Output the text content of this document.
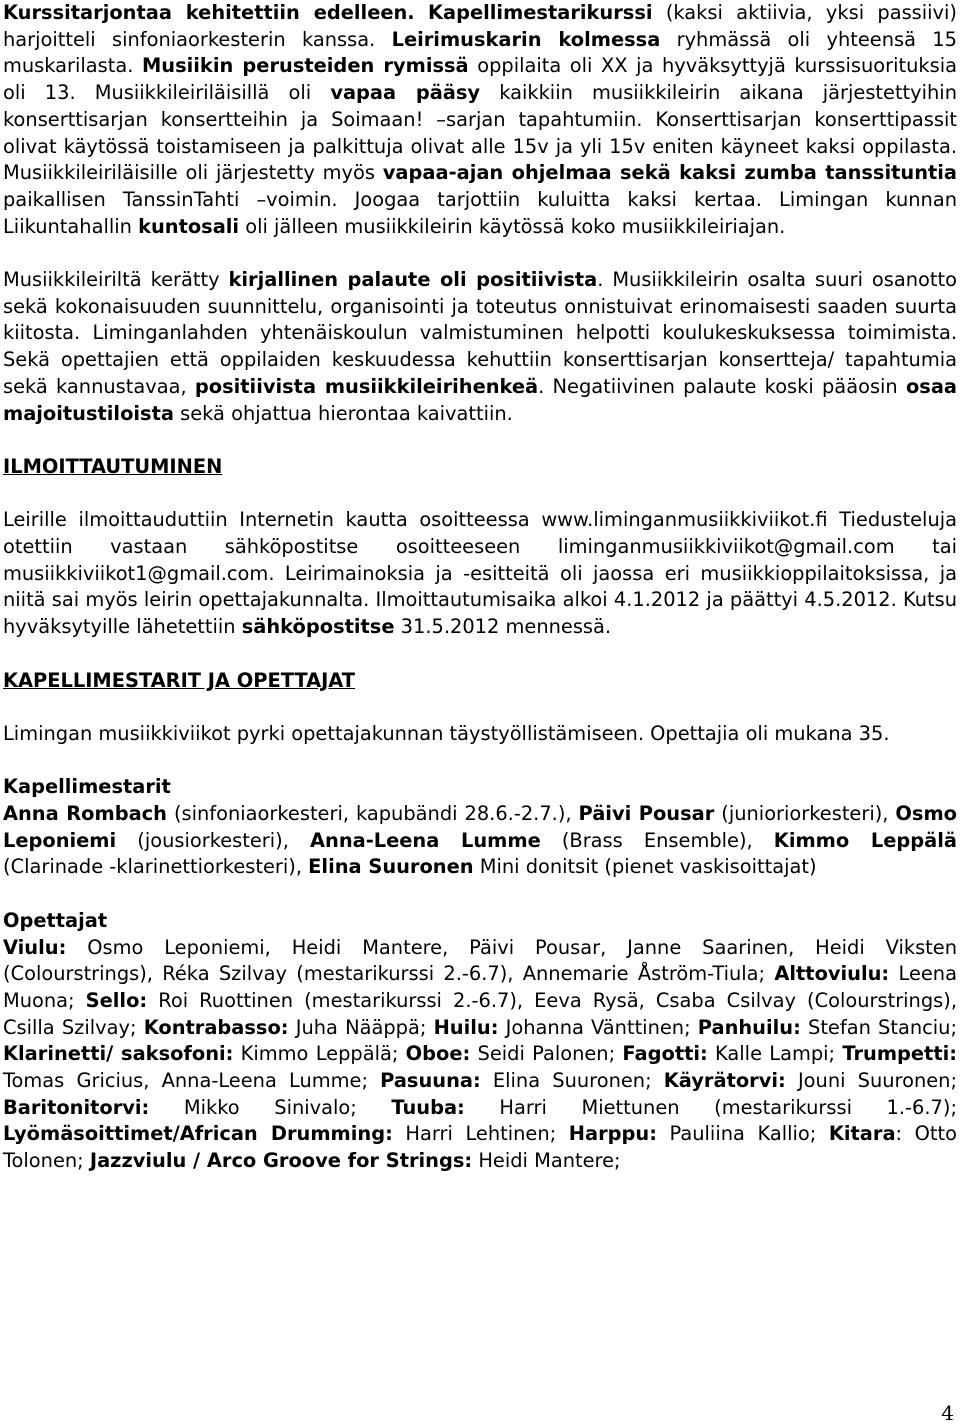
Kurssitarjontaa kehitettiin edelleen. Kapellimestarikurssi (kaksi aktiivia, yksi passiivi) harjoitteli sinfoniaorkesterin kanssa. Leirimuskarin kolmessa ryhmässä oli yhteensä 15 muskarilasta. Musiikin perusteiden rymissä oppilaita oli XX ja hyväksyttyjä kurssisuorituksia oli 13. Musiikkileiriläisillä oli vapaa pääsy kaikkiin musiikkileirin aikana järjestettyihin konserttisarjan konsertteihin ja Soimaan! –sarjan tapahtumiin. Konserttisarjan konserttipassit olivat käytössä toistamiseen ja palkittuja olivat alle 15v ja yli 15v eniten käyneet kaksi oppilasta. Musiikkileiriläisille oli järjestetty myös vapaa-ajan ohjelmaa sekä kaksi zumba tanssituntia paikallisen TanssinTahti –voimin. Joogaa tarjottiin kuluitta kaksi kertaa. Limingan kunnan Liikuntahallin kuntosali oli jälleen musiikkileirin käytössä koko musiikkileiriajan.

Musiikkileiriltä kerätty kirjallinen palaute oli positiivista. Musiikkileirin osalta suuri osanotto sekä kokonaisuuden suunnittelu, organisointi ja toteutus onnistuivat erinomaisesti saaden suurta kiitosta. Liminganlahden yhtenäiskoulun valmistuminen helpotti koulukeskuksessa toimimista. Sekä opettajien että oppilaiden keskuudessa kehuttiin konserttisarjan konsertteja/ tapahtumia sekä kannustavaa, positiivista musiikkileirihenkeä. Negatiivinen palaute koski pääosin osaa majoitustiloista sekä ohjattua hierontaa kaivattiin.

ILMOITTAUTUMINEN

Leirille ilmoittauduttiin Internetin kautta osoitteessa www.liminganmusiikkiviikot.fi Tiedusteluja otettiin vastaan sähköpostitse osoitteeseen liminganmusiikkiviikot@gmail.com tai musiikkiviikot1@gmail.com. Leirimainoksia ja -esitteitä oli jaossa eri musiikkioppilaitoksissa, ja niitä sai myös leirin opettajakunnalta. Ilmoittautumisaika alkoi 4.1.2012 ja päättyi 4.5.2012. Kutsu hyväksytyille lähetettiin sähköpostitse 31.5.2012 mennessä.

KAPELLIMESTARIT JA OPETTAJAT

Limingan musiikkiviikot pyrki opettajakunnan täystyöllistämiseen. Opettajia oli mukana 35.

Kapellimestarit

Anna Rombach (sinfoniaorkesteri, kapubändi 28.6.-2.7.), Päivi Pousar (junioriorkesteri), Osmo Leponiemi (jousiorkesteri), Anna-Leena Lumme (Brass Ensemble), Kimmo Leppälä (Clarinade -klarinettiorkesteri), Elina Suuronen Mini donitsit (pienet vaskisoittajat)

Opettajat

Viulu: Osmo Leponiemi, Heidi Mantere, Päivi Pousar, Janne Saarinen, Heidi Viksten (Colourstrings), Réka Szilvay (mestarikurssi 2.-6.7), Annemarie Åström-Tiula; Alttoviulu: Leena Muona; Sello: Roi Ruottinen (mestarikurssi 2.-6.7), Eeva Rysä, Csaba Csilvay (Colourstrings), Csilla Szilvay; Kontrabasso: Juha Nääppä; Huilu: Johanna Vänttinen; Panhuilu: Stefan Stanciu; Klarinetti/ saksofoni: Kimmo Leppälä; Oboe: Seidi Palonen; Fagotti: Kalle Lampi; Trumpetti: Tomas Gricius, Anna-Leena Lumme; Pasuuna: Elina Suuronen; Käyrätorvi: Jouni Suuronen; Baritonitorvi: Mikko Sinivalo; Tuuba: Harri Miettunen (mestarikurssi 1.-6.7); Lyömäsoittimet/African Drumming: Harri Lehtinen; Harppu: Pauliina Kallio; Kitara: Otto Tolonen; Jazzviulu / Arco Groove for Strings: Heidi Mantere;

4
